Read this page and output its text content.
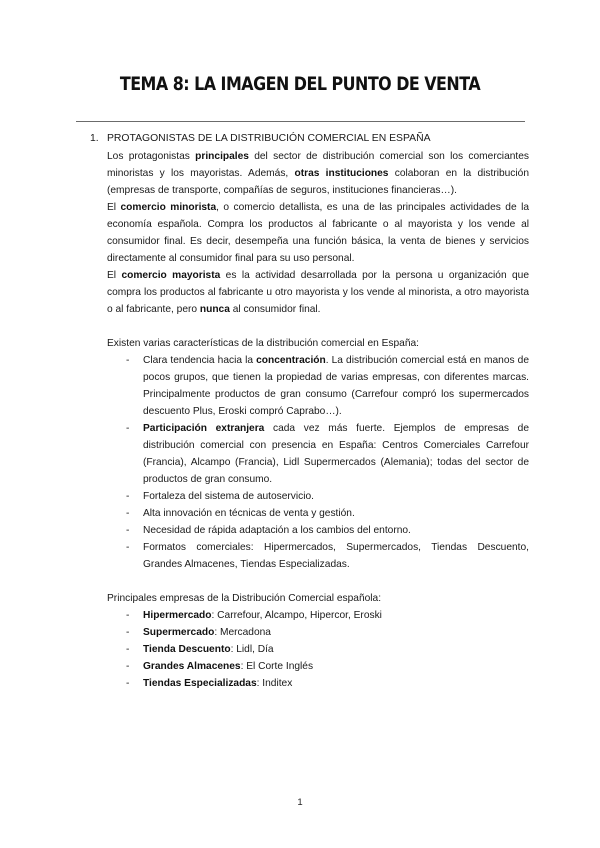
TEMA 8: LA IMAGEN DEL PUNTO DE VENTA
1. PROTAGONISTAS DE LA DISTRIBUCIÓN COMERCIAL EN ESPAÑA

Los protagonistas principales del sector de distribución comercial son los comerciantes minoristas y los mayoristas. Además, otras instituciones colaboran en la distribución (empresas de transporte, compañías de seguros, instituciones financieras…).

El comercio minorista, o comercio detallista, es una de las principales actividades de la economía española. Compra los productos al fabricante o al mayorista y los vende al consumidor final. Es decir, desempeña una función básica, la venta de bienes y servicios directamente al consumidor final para su uso personal.

El comercio mayorista es la actividad desarrollada por la persona u organización que compra los productos al fabricante u otro mayorista y los vende al minorista, a otro mayorista o al fabricante, pero nunca al consumidor final.

Existen varias características de la distribución comercial en España:

- Clara tendencia hacia la concentración. La distribución comercial está en manos de pocos grupos, que tienen la propiedad de varias empresas, con diferentes marcas. Principalmente productos de gran consumo (Carrefour compró los supermercados descuento Plus, Eroski compró Caprabo…).
- Participación extranjera cada vez más fuerte. Ejemplos de empresas de distribución comercial con presencia en España: Centros Comerciales Carrefour (Francia), Alcampo (Francia), Lidl Supermercados (Alemania); todas del sector de productos de gran consumo.
- Fortaleza del sistema de autoservicio.
- Alta innovación en técnicas de venta y gestión.
- Necesidad de rápida adaptación a los cambios del entorno.
- Formatos comerciales: Hipermercados, Supermercados, Tiendas Descuento, Grandes Almacenes, Tiendas Especializadas.

Principales empresas de la Distribución Comercial española:

- Hipermercado: Carrefour, Alcampo, Hipercor, Eroski
- Supermercado: Mercadona
- Tienda Descuento: Lidl, Día
- Grandes Almacenes: El Corte Inglés
- Tiendas Especializadas: Inditex
1
